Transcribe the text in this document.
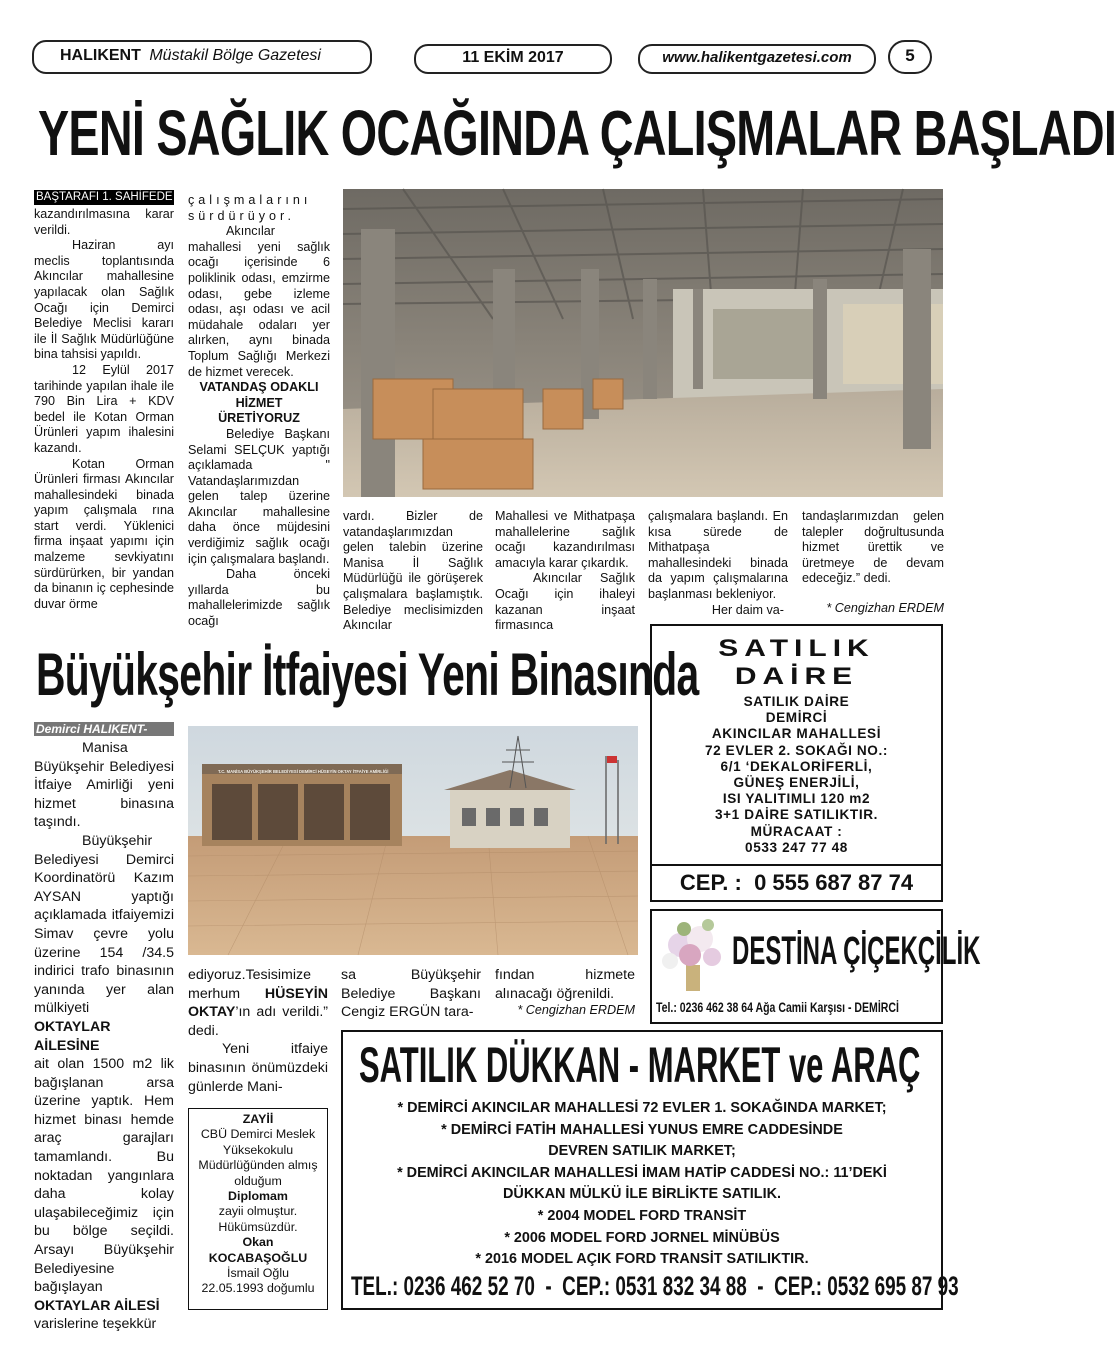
HALIKENT Müstakil Bölge Gazetesi	11 EKİM 2017	www.halikentgazetesi.com	5
YENİ SAĞLIK OCAĞINDA ÇALIŞMALAR BAŞLADI
BAŞTARAFI 1. SAHİFEDE

kazandırılmasına karar verildi.

Haziran ayı meclis toplantısında Akıncılar mahallesine yapılacak olan Sağlık Ocağı için Demirci Belediye Meclisi kararı ile İl Sağlık Müdürlüğüne bina tahsisi yapıldı.

12 Eylül 2017 tarihinde yapılan ihale ile 790 Bin Lira + KDV bedel ile Kotan Orman Ürünleri yapım ihalesini kazandı.

Kotan Orman Ürünleri firması Akıncılar mahallesindeki binada yapım çalışmala rına start verdi. Yüklenici firma inşaat yapımı için malzeme sevkiyatını sürdürürken, bir yandan da binanın iç cephesinde duvar örme

çalışmalarını sürdürüyor.

Akıncılar mahallesi yeni sağlık ocağı içerisinde 6 poliklinik odası, emzirme odası, gebe izleme odası, aşı odası ve acil müdahale odaları yer alırken, aynı binada Toplum Sağlığı Merkezi de hizmet verecek.

VATANDAŞ ODAKLI HİZMET ÜRETİYORUZ

Belediye Başkanı Selami SELÇUK yaptığı açıklamada " Vatandaşlarımızdan gelen talep üzerine Akıncılar mahallesine daha önce müjdesini verdiğimiz sağlık ocağı için çalışmalara başlandı.

Daha önceki yıllarda bu mahallelerimizde sağlık ocağı

vardı. Bizler de vatandaşlarımızdan gelen talebin üzerine Manisa İl Sağlık Müdürlüğü ile görüşerek çalışmalara başlamıştık. Belediye meclisimizden Akıncılar

Mahallesi ve Mithatpaşa mahallelerine sağlık ocağı kazandırılması amacıyla karar çıkardık.

Akıncılar Sağlık Ocağı için ihaleyi kazanan inşaat firmasınca

çalışmalara başlandı. En kısa sürede de Mithatpaşa mahallesindeki binada da yapım çalışmalarına başlanması bekleniyor.

Her daim va-

tandaşlarımızdan gelen talepler doğrultusunda hizmet ürettik ve üretmeye de devam edeceğiz.” dedi.

* Cengizhan ERDEM

Büyükşehir İtfaiyesi Yeni Binasında
Demirci HALIKENT-

Manisa Büyükşehir Belediyesi İtfaiye Amirliği yeni hizmet binasına taşındı.

Büyükşehir Belediyesi Demirci Koordinatörü Kazım AYSAN yaptığı açıklamada itfaiyemizi Simav çevre yolu üzerine 154 /34.5 indirici trafo binasının yanında yer alan mülkiyeti

OKTAYLAR AİLESİNE

ait olan 1500 m2 lik bağışlanan arsa üzerine yaptık. Hem hizmet binası hemde araç garajları tamamlandı. Bu noktadan yangınlara daha kolay ulaşabileceğimiz için bu bölge seçildi. Arsayı Büyükşehir Belediyesine bağışlayan

OKTAYLAR AİLESİ

varislerine teşekkür

T.C. MANİSA BÜYÜKŞEHİR BELEDİYESİ DEMİRCİ HÜSEYİN OKTAY İTFAİYE AMİRLİĞİ

ediyoruz.Tesisimize merhum HÜSEYİN OKTAY’ın adı verildi.” dedi.

Yeni itfaiye binasının önümüzdeki günlerde Mani-

sa Büyükşehir Belediye Başkanı Cengiz ERGÜN tara-

fından hizmete alınacağı öğrenildi.

* Cengizhan ERDEM

ZAYİİ
CBÜ Demirci Meslek Yüksekokulu Müdürlüğünden almış olduğum
Diplomam
zayii olmuştur. Hükümsüzdür.
Okan KOCABAŞOĞLU
İsmail Oğlu
22.05.1993 doğumlu
SATILIK
DAİRE
SATILIK DAİRE
DEMİRCİ
AKINCILAR MAHALLESİ
72 EVLER 2. SOKAĞI NO.:
6/1 ‘DEKALORİFERLİ,
GÜNEŞ ENERJİLİ,
ISI YALITIMLI 120 m2
3+1 DAİRE SATILIKTIR.
MÜRACAAT :
0533 247 77 48
CEP. :  0 555 687 87 74
DESTİNA ÇİÇEKÇİLİK
Tel.: 0236 462 38 64 Ağa Camii Karşısı - DEMİRCİ
SATILIK DÜKKAN - MARKET ve ARAÇ
* DEMİRCİ AKINCILAR MAHALLESİ 72 EVLER 1. SOKAĞINDA MARKET;
* DEMİRCİ FATİH MAHALLESİ YUNUS EMRE CADDESİNDE
DEVREN SATILIK MARKET;
* DEMİRCİ AKINCILAR MAHALLESİ İMAM HATİP CADDESİ NO.: 11’DEKİ
DÜKKAN MÜLKÜ İLE BİRLİKTE SATILIK.
* 2004 MODEL FORD TRANSİT
* 2006 MODEL FORD JORNEL MİNÜBÜS
* 2016 MODEL AÇIK FORD TRANSİT SATILIKTIR.
TEL.: 0236 462 52 70  -  CEP.: 0531 832 34 88  -  CEP.: 0532 695 87 93
